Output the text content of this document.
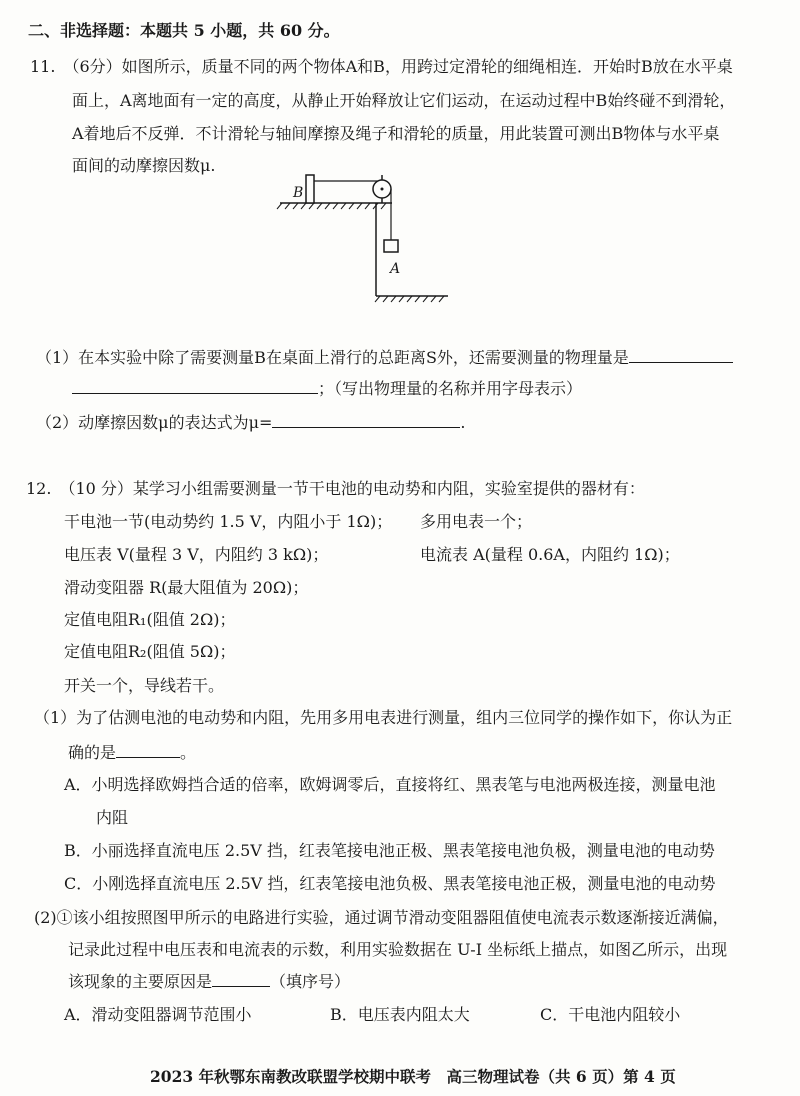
二、非选择题：本题共 5 小题，共 60 分。
11.　（6分）如图所示，质量不同的两个物体A和B，用跨过定滑轮的细绳相连．开始时B放在水平桌
面上，A离地面有一定的高度，从静止开始释放让它们运动，在运动过程中B始终碰不到滑轮，
A着地后不反弹．不计滑轮与轴间摩擦及绳子和滑轮的质量，用此装置可测出B物体与水平桌
面间的动摩擦因数μ.
B
A
（1）在本实验中除了需要测量B在桌面上滑行的总距离S外，还需要测量的物理量是
；（写出物理量的名称并用字母表示）
（2）动摩擦因数μ的表达式为μ=	.
12.　（10 分）某学习小组需要测量一节干电池的电动势和内阻，实验室提供的器材有：
干电池一节(电动势约 1.5 V，内阻小于 1Ω)； 多用电表一个；
电压表 V(量程 3 V，内阻约 3 kΩ)；	电流表 A(量程 0.6A，内阻约 1Ω)；
滑动变阻器 R(最大阻值为 20Ω)；
定值电阻R₁(阻值 2Ω)；
定值电阻R₂(阻值 5Ω)；
开关一个，导线若干。
（1）为了估测电池的电动势和内阻，先用多用电表进行测量，组内三位同学的操作如下，你认为正
确的是	。
A．小明选择欧姆挡合适的倍率，欧姆调零后，直接将红、黑表笔与电池两极连接，测量电池
内阻
B．小丽选择直流电压 2.5V 挡，红表笔接电池正极、黑表笔接电池负极，测量电池的电动势
C．小刚选择直流电压 2.5V 挡，红表笔接电池负极、黑表笔接电池正极，测量电池的电动势
(2)①该小组按照图甲所示的电路进行实验，通过调节滑动变阻器阻值使电流表示数逐渐接近满偏，
记录此过程中电压表和电流表的示数，利用实验数据在 U-I 坐标纸上描点，如图乙所示，出现
该现象的主要原因是	（填序号）
A．滑动变阻器调节范围小	B．电压表内阻太大	C．干电池内阻较小
2023 年秋鄂东南教改联盟学校期中联考　高三物理试卷（共 6 页）第 4 页
